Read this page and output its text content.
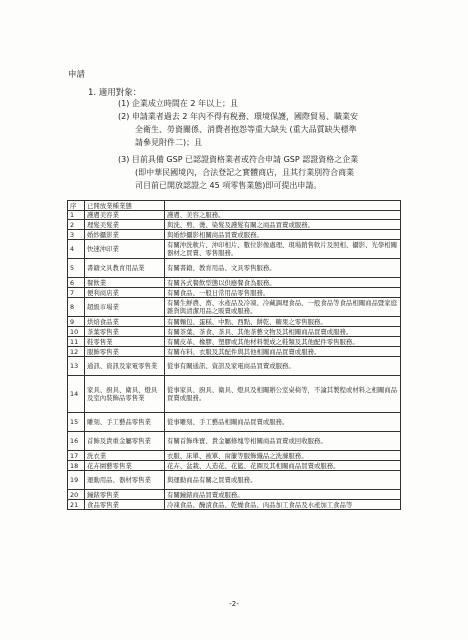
申請
1. 適用對象：
(1) 企業成立時間在 2 年以上；且
(2) 申請業者過去 2 年內不得有税務、環境保護，國際貿易、職業安
全衛生、勞資關係、消費者抱怨等重大缺失 (重大品質缺失標準
請參見附件二)；且
(3) 目前具備 GSP 已認證資格業者或符合申請 GSP 認證資格之企業
(即中華民國境內，合法登記之實體商店，且其行業別符合商業
司目前已開放認證之 45 項零售業態)即可提出申請。
序	已開放業種業態	
1	護膚美容業	護膚、美容之服務。
2	理髮美髮業	與洗、剪、燙、染髮及護髮有關之商品買賣或服務。
3	婚紗攝影業	與婚紗攝影相關商品買賣或服務。
4	快速沖印業	有關沖洗軟片、沖印相片、數位影像處理、現場銷售軟片及照相、攝影、光學相關器材之買賣、零售服務。
5	書籍文具教育用品業	有關書籍、教育用品、文具零售服務。
6	餐飲業	有關各式餐飲型態以供應餐食為服務。
7	便利商店業	有關食品、一般日常用品零售服務。
8	超級市場業	有關生鮮農、畜、水產品及冷凍、冷藏調理食品、一般食品等食品相關商品暨家庭雜貨與清潔用品之販賣或服務。
9	烘焙食品業	有關麵包、蛋糕、中點、西點、餅乾、糖果之零售服務。
10	茶葉零售業	有關茶葉、茶食、茶具、其他茶藝文物及其相關商品買賣或服務。
11	鞋零售業	有關皮革、橡膠、塑膠或其他材料製成之鞋類及其他配件零售服務。
12	服飾零售業	有關布料、衣服及其配件與其他相關商品買賣或服務。
13	通訊、資訊及家電零售業	從事有關通訊、資訊及家電商品買賣或服務。
14	家具、廚具、衛具、燈具及室內裝飾品零售業	從事家具、廚具、衛具、燈具及相關辦公室桌椅等，不論其製程或材料之相關商品買賣或服務。
15	雕刻、手工藝品零售業	從事雕刻、手工藝品相關商品買賣或服務。
16	首飾及貴重金屬零售業	有關首飾珠寶、貴金屬條塊等相關商品買賣或回收服務。
17	洗衣業	衣服、床單、被單、窗簾等服飾織品之洗滌服務。
18	花卉園藝零售業	花卉、盆栽、人造花、花籃、花圈及其相關商品買賣或服務。
19	運動用品、器材零售業	與運動商品有關之買賣或服務。
20	鐘錶零售業	有關鐘錶商品買賣或服務。
21	食品零售業	冷凍食品、醃漬食品、乾燥食品、肉品加工食品及水產加工食品等
-2-
